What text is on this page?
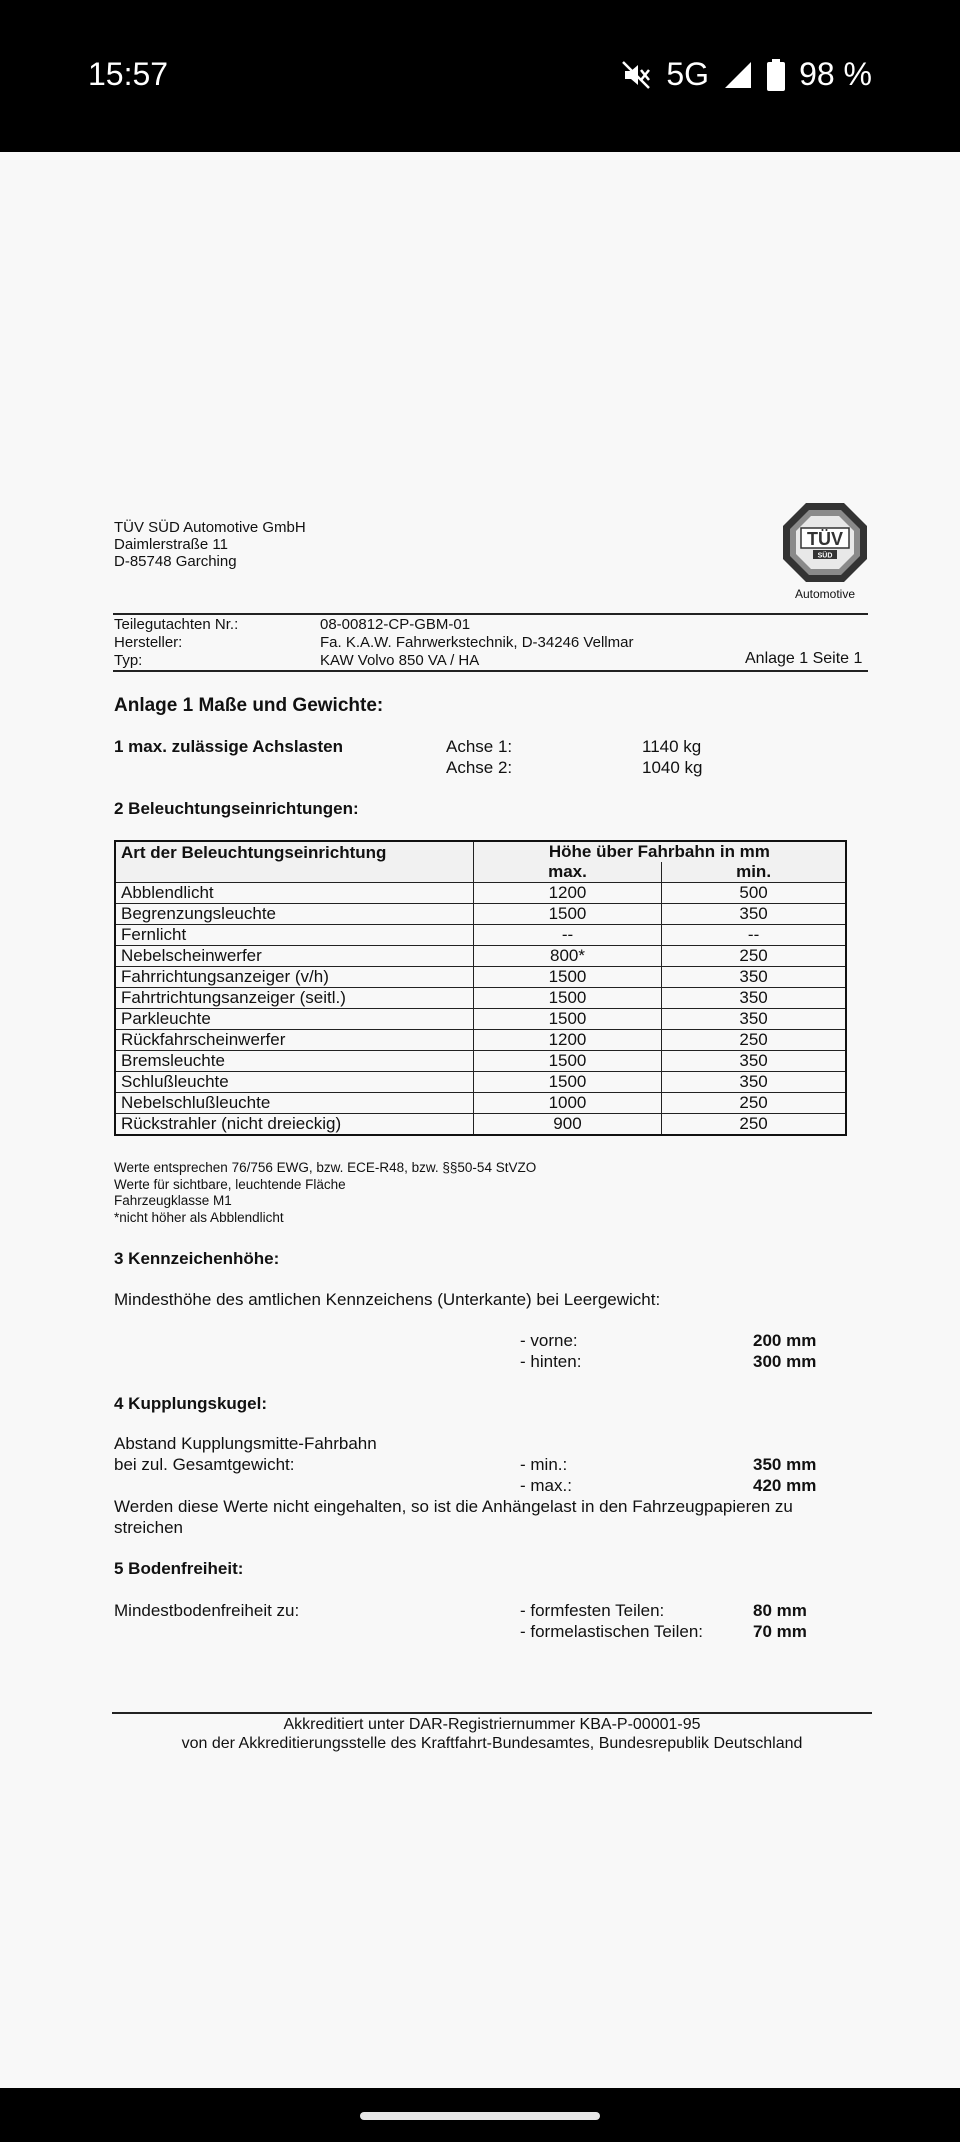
15:57	5G	98 %
TÜV SÜD Automotive GmbH
Daimlerstraße 11
D-85748 Garching
TÜV
SÜD
Automotive
Teilegutachten Nr.:	08-00812-CP-GBM-01
Hersteller:	Fa. K.A.W. Fahrwerkstechnik, D-34246 Vellmar
Typ:	KAW Volvo 850 VA / HA	Anlage 1 Seite 1
Anlage 1 Maße und Gewichte:
1 max. zulässige Achslasten	Achse 1:	1140 kg
Achse 2:	1040 kg
2 Beleuchtungseinrichtungen:
Art der Beleuchtungseinrichtung	Höhe über Fahrbahn in mm	
	max.	min.
Abblendlicht	1200	500
Begrenzungsleuchte	1500	350
Fernlicht	--	--
Nebelscheinwerfer	800*	250
Fahrrichtungsanzeiger (v/h)	1500	350
Fahrtrichtungsanzeiger (seitl.)	1500	350
Parkleuchte	1500	350
Rückfahrscheinwerfer	1200	250
Bremsleuchte	1500	350
Schlußleuchte	1500	350
Nebelschlußleuchte	1000	250
Rückstrahler (nicht dreieckig)	900	250
Werte entsprechen 76/756 EWG, bzw. ECE-R48, bzw. §§50-54 StVZO
Werte für sichtbare, leuchtende Fläche
Fahrzeugklasse M1
*nicht höher als Abblendlicht
3 Kennzeichenhöhe:
Mindesthöhe des amtlichen Kennzeichens (Unterkante) bei Leergewicht:
- vorne:	200 mm
- hinten:	300 mm
4 Kupplungskugel:
Abstand Kupplungsmitte-Fahrbahn
bei zul. Gesamtgewicht:	- min.:	350 mm
- max.:	420 mm
Werden diese Werte nicht eingehalten, so ist die Anhängelast in den Fahrzeugpapieren zu
streichen
5 Bodenfreiheit:
Mindestbodenfreiheit zu:	- formfesten Teilen:	80 mm
- formelastischen Teilen:	70 mm
Akkreditiert unter DAR-Registriernummer KBA-P-00001-95
von der Akkreditierungsstelle des Kraftfahrt-Bundesamtes, Bundesrepublik Deutschland
